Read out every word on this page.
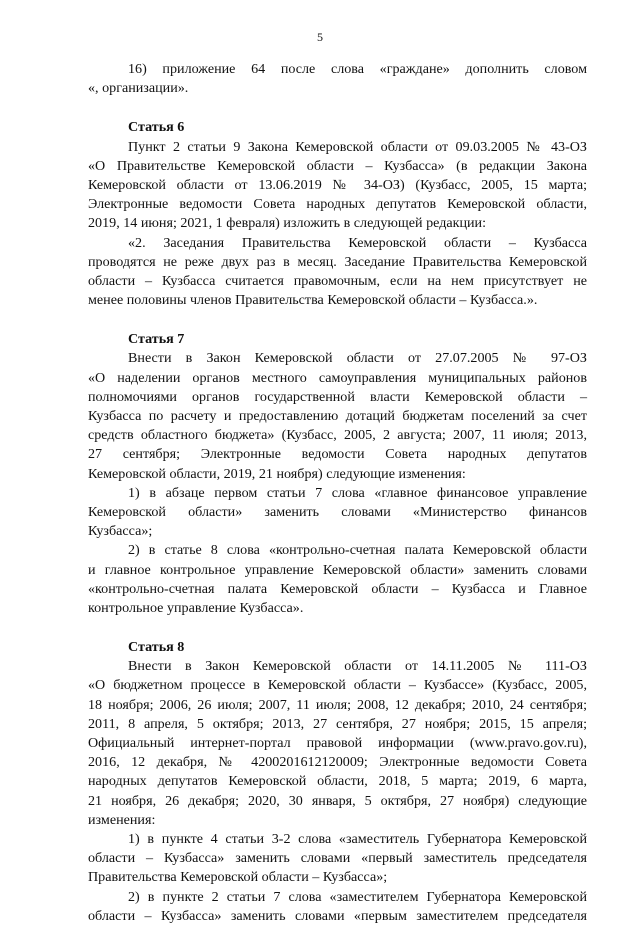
5
16) приложение 64 после слова «граждане» дополнить словом
«, организации».
Статья 6
Пункт 2 статьи 9 Закона Кемеровской области от 09.03.2005 № 43-ОЗ
«О Правительстве Кемеровской области – Кузбасса» (в редакции Закона
Кемеровской области от 13.06.2019 № 34-ОЗ) (Кузбасс, 2005, 15 марта;
Электронные ведомости Совета народных депутатов Кемеровской области,
2019, 14 июня; 2021, 1 февраля) изложить в следующей редакции:
«2. Заседания Правительства Кемеровской области – Кузбасса
проводятся не реже двух раз в месяц. Заседание Правительства Кемеровской
области – Кузбасса считается правомочным, если на нем присутствует не
менее половины членов Правительства Кемеровской области – Кузбасса.».
Статья 7
Внести в Закон Кемеровской области от 27.07.2005 № 97-ОЗ
«О наделении органов местного самоуправления муниципальных районов
полномочиями органов государственной власти Кемеровской области –
Кузбасса по расчету и предоставлению дотаций бюджетам поселений за счет
средств областного бюджета» (Кузбасс, 2005, 2 августа; 2007, 11 июля; 2013,
27 сентября; Электронные ведомости Совета народных депутатов
Кемеровской области, 2019, 21 ноября) следующие изменения:
1) в абзаце первом статьи 7 слова «главное финансовое управление
Кемеровской области» заменить словами «Министерство финансов
Кузбасса»;
2) в статье 8 слова «контрольно-счетная палата Кемеровской области
и главное контрольное управление Кемеровской области» заменить словами
«контрольно-счетная палата Кемеровской области – Кузбасса и Главное
контрольное управление Кузбасса».
Статья 8
Внести в Закон Кемеровской области от 14.11.2005 № 111-ОЗ
«О бюджетном процессе в Кемеровской области – Кузбассе» (Кузбасс, 2005,
18 ноября; 2006, 26 июля; 2007, 11 июля; 2008, 12 декабря; 2010, 24 сентября;
2011, 8 апреля, 5 октября; 2013, 27 сентября, 27 ноября; 2015, 15 апреля;
Официальный интернет-портал правовой информации (www.pravo.gov.ru),
2016, 12 декабря, № 4200201612120009; Электронные ведомости Совета
народных депутатов Кемеровской области, 2018, 5 марта; 2019, 6 марта,
21 ноября, 26 декабря; 2020, 30 января, 5 октября, 27 ноября) следующие
изменения:
1) в пункте 4 статьи 3-2 слова «заместитель Губернатора Кемеровской
области – Кузбасса» заменить словами «первый заместитель председателя
Правительства Кемеровской области – Кузбасса»;
2) в пункте 2 статьи 7 слова «заместителем Губернатора Кемеровской
области – Кузбасса» заменить словами «первым заместителем председателя
